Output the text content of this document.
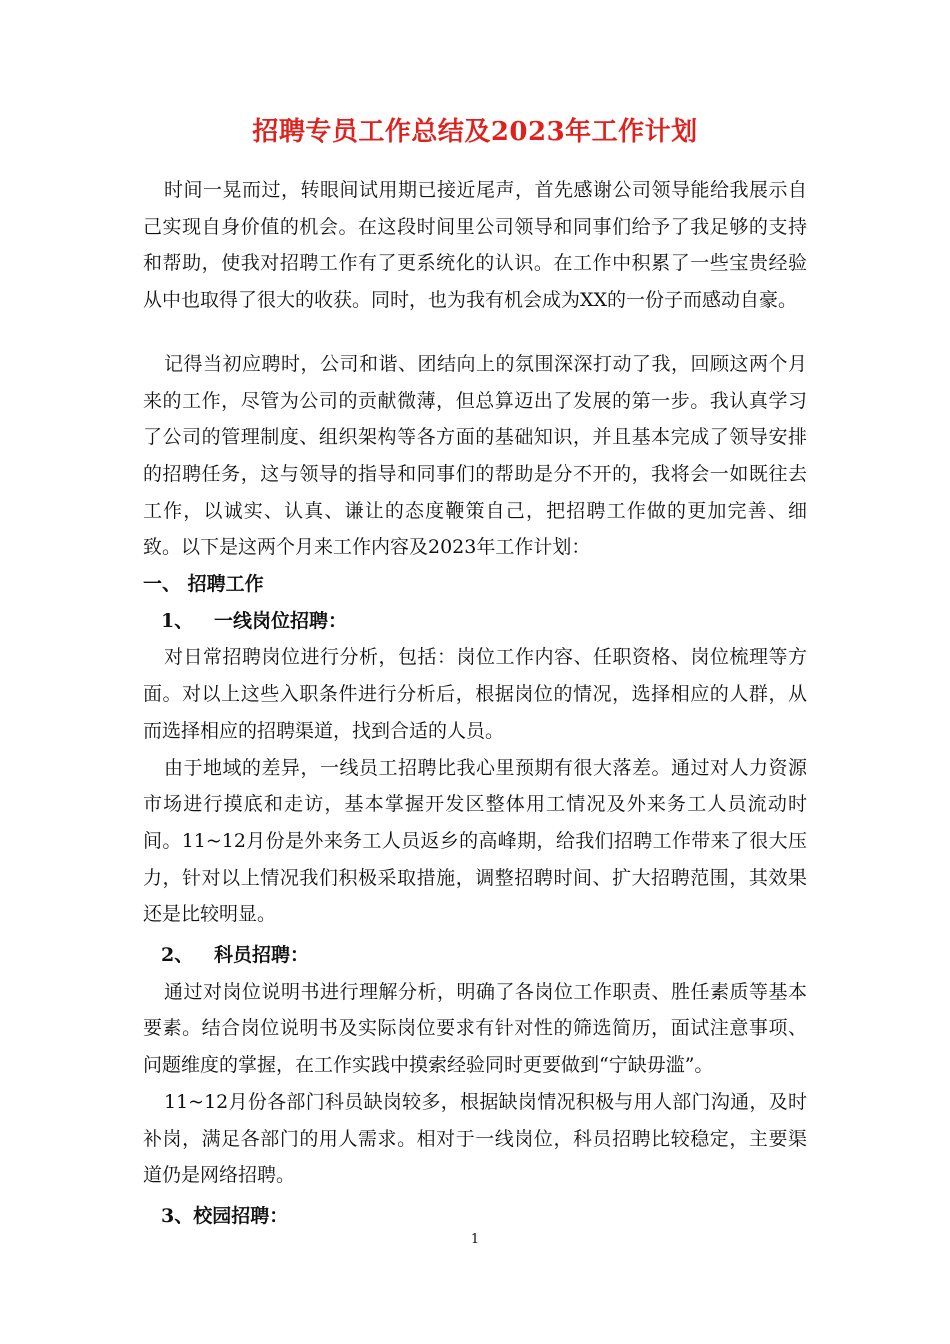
招聘专员工作总结及2023年工作计划

时间一晃而过，转眼间试用期已接近尾声，首先感谢公司领导能给我展示自己实现自身价值的机会。在这段时间里公司领导和同事们给予了我足够的支持和帮助，使我对招聘工作有了更系统化的认识。在工作中积累了一些宝贵经验从中也取得了很大的收获。同时，也为我有机会成为XX的一份子而感动自豪。

记得当初应聘时，公司和谐、团结向上的氛围深深打动了我，回顾这两个月来的工作，尽管为公司的贡献微薄，但总算迈出了发展的第一步。我认真学习了公司的管理制度、组织架构等各方面的基础知识，并且基本完成了领导安排的招聘任务，这与领导的指导和同事们的帮助是分不开的，我将会一如既往去工作，以诚实、认真、谦让的态度鞭策自己，把招聘工作做的更加完善、细致。以下是这两个月来工作内容及2023年工作计划：

一、 招聘工作
1、 一线岗位招聘：

对日常招聘岗位进行分析，包括：岗位工作内容、任职资格、岗位梳理等方面。对以上这些入职条件进行分析后，根据岗位的情况，选择相应的人群，从而选择相应的招聘渠道，找到合适的人员。

由于地域的差异，一线员工招聘比我心里预期有很大落差。通过对人力资源市场进行摸底和走访，基本掌握开发区整体用工情况及外来务工人员流动时间。11~12月份是外来务工人员返乡的高峰期，给我们招聘工作带来了很大压力，针对以上情况我们积极采取措施，调整招聘时间、扩大招聘范围，其效果还是比较明显。

2、 科员招聘：

通过对岗位说明书进行理解分析，明确了各岗位工作职责、胜任素质等基本要素。结合岗位说明书及实际岗位要求有针对性的筛选简历，面试注意事项、问题维度的掌握，在工作实践中摸索经验同时更要做到“宁缺毋滥”。

11~12月份各部门科员缺岗较多，根据缺岗情况积极与用人部门沟通，及时补岗，满足各部门的用人需求。相对于一线岗位，科员招聘比较稳定，主要渠道仍是网络招聘。

3、校园招聘：
1
